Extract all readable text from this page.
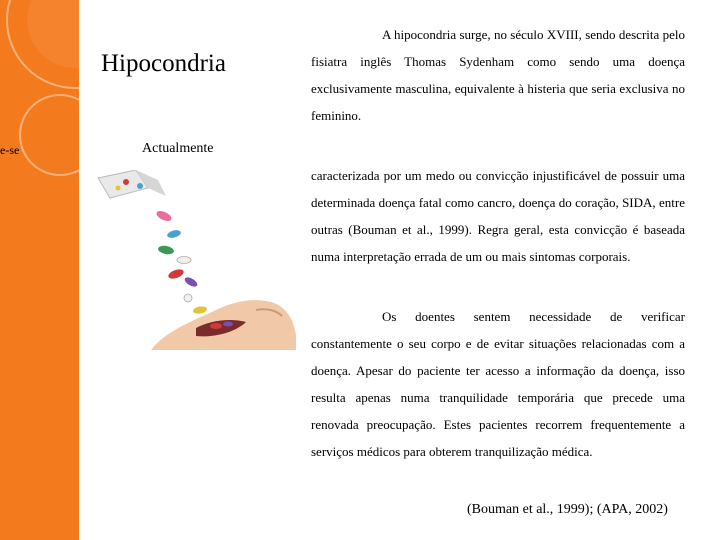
e-se
Hipocondria
Actualmente

A hipocondria surge, no século XVIII, sendo descrita pelo fisiatra inglês Thomas Sydenham como sendo uma doença exclusivamente masculina, equivalente à histeria que seria exclusiva no feminino.

caracterizada por um medo ou convicção injustificável de possuir uma determinada doença fatal como cancro, doença do coração, SIDA, entre outras (Bouman et al., 1999). Regra geral, esta convicção é baseada numa interpretação errada de um ou mais sintomas corporais.

Os doentes sentem necessidade de verificar constantemente o seu corpo e de evitar situações relacionadas com a doença. Apesar do paciente ter acesso a informação da doença, isso resulta apenas numa tranquilidade temporária que precede uma renovada preocupação. Estes pacientes recorrem frequentemente a serviços médicos para obterem tranquilização médica.

(Bouman et al., 1999); (APA, 2002)
